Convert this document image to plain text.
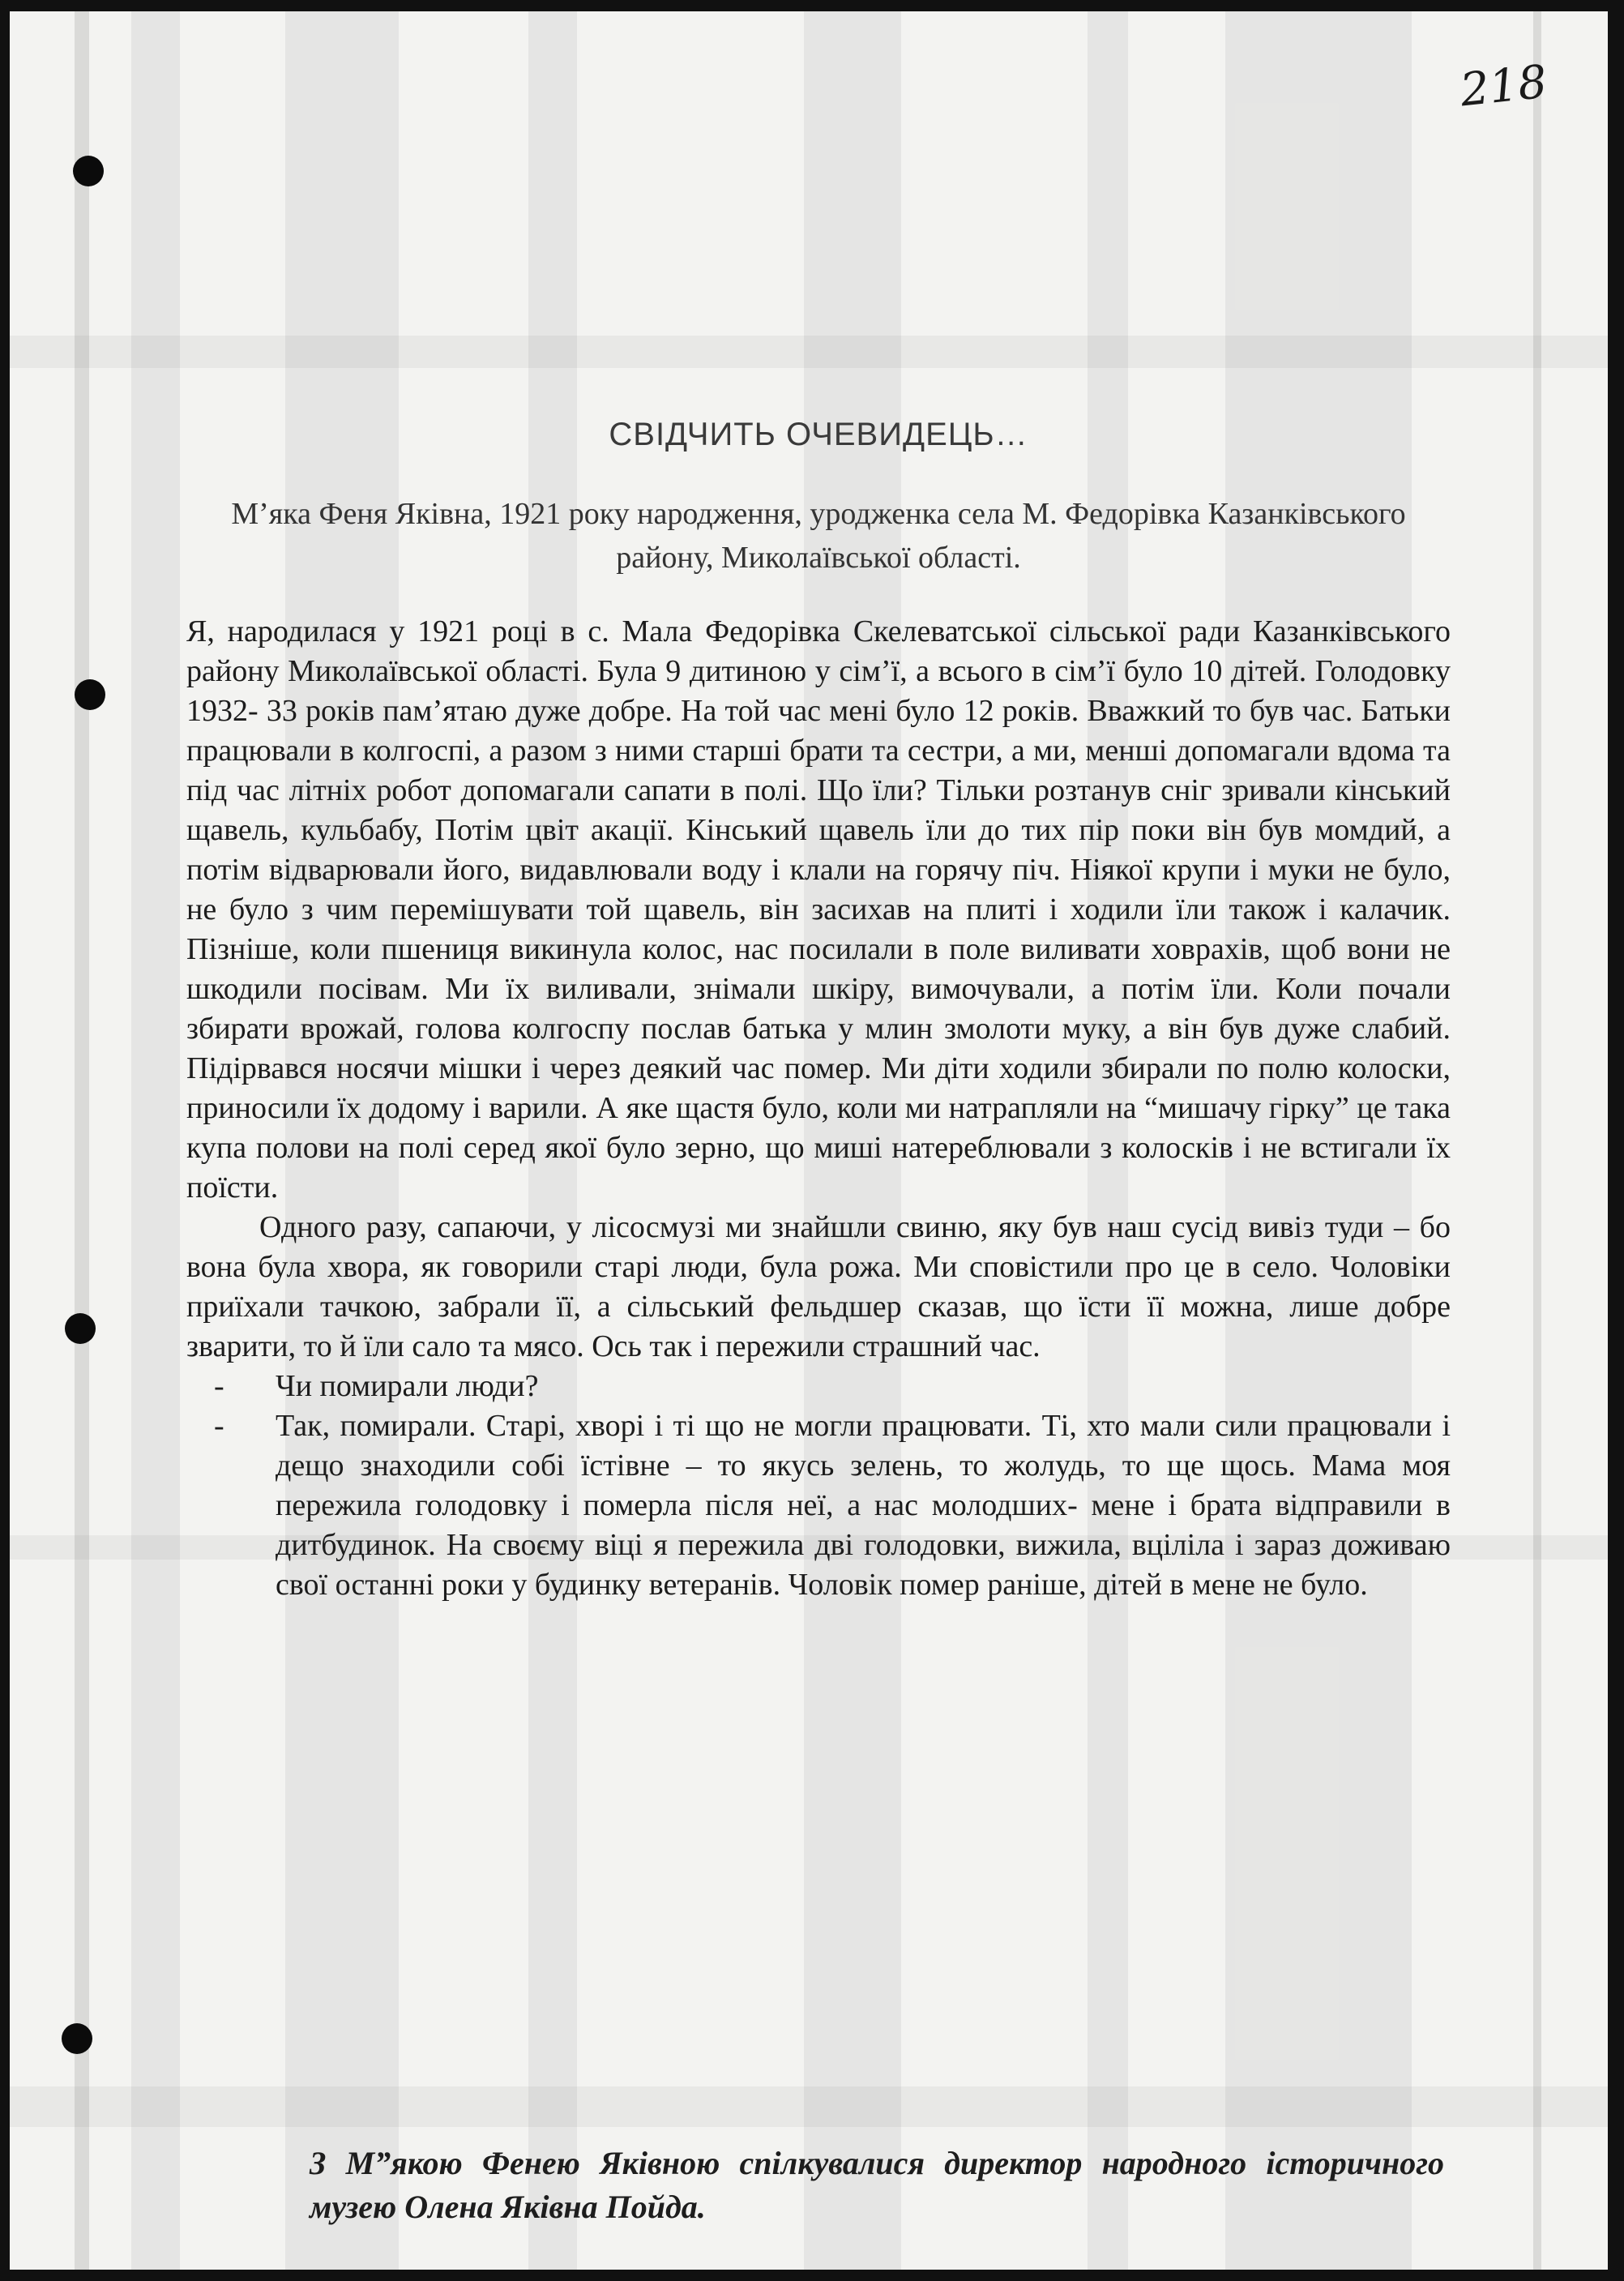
218
СВІДЧИТЬ ОЧЕВИДЕЦЬ…
М’яка Феня Яківна, 1921 року народження, уродженка села М. Федорівка Казанківського району, Миколаївської області.

Я, народилася у 1921 році в с. Мала Федорівка Скелеватської сільської ради Казанківського району Миколаївської області. Була 9 дитиною у сім’ї, а всього в сім’ї було 10 дітей. Голодовку 1932- 33 років пам’ятаю дуже добре. На той час мені було 12 років. Вважкий то був час. Батьки працювали в колгоспі, а разом з ними старші брати та сестри, а ми, менші допомагали вдома та під час літніх робот допомагали сапати в полі. Що їли? Тільки розтанув сніг зривали кінський щавель, кульбабу, Потім цвіт акації. Кінський щавель їли до тих пір поки він був момдий, а потім відварювали його, видавлювали воду і клали на горячу піч. Ніякої крупи і муки не було, не було з чим перемішувати той щавель, він засихав на плиті і ходили їли також і калачик. Пізніше, коли пшениця викинула колос, нас посилали в поле виливати ховрахів, щоб вони не шкодили посівам. Ми їх виливали, знімали шкіру, вимочували, а потім їли. Коли почали збирати врожай, голова колгоспу послав батька у млин змолоти муку, а він був дуже слабий. Підірвався носячи мішки і через деякий час помер. Ми діти ходили збирали по полю колоски, приносили їх додому і варили. А яке щастя було, коли ми натрапляли на “мишачу гірку” це така купа полови на полі серед якої було зерно, що миші натереблювали з колосків і не встигали їх поїсти.

Одного разу, сапаючи, у лісосмузі ми знайшли свиню, яку був наш сусід вивіз туди – бо вона була хвора, як говорили старі люди, була рожа. Ми сповістили про це в село. Чоловіки приїхали тачкою, забрали її, а сільський фельдшер сказав, що їсти її можна, лише добре зварити, то й їли сало та мясо. Ось так і пережили страшний час.

- Чи помирали люди?
- Так, помирали. Старі, хворі і ті що не могли працювати. Ті, хто мали сили працювали і дещо знаходили собі їстівне – то якусь зелень, то жолудь, то ще щось. Мама моя пережила голодовку і померла після неї, а нас молодших- мене і брата відправили в дитбудинок. На своєму віці я пережила дві голодовки, вижила, вціліла і зараз доживаю свої останні роки у будинку ветеранів. Чоловік помер раніше, дітей в мене не було.
З М”якою Фенею Яківною спілкувалися директор народного історичного музею Олена Яківна Пойда.
